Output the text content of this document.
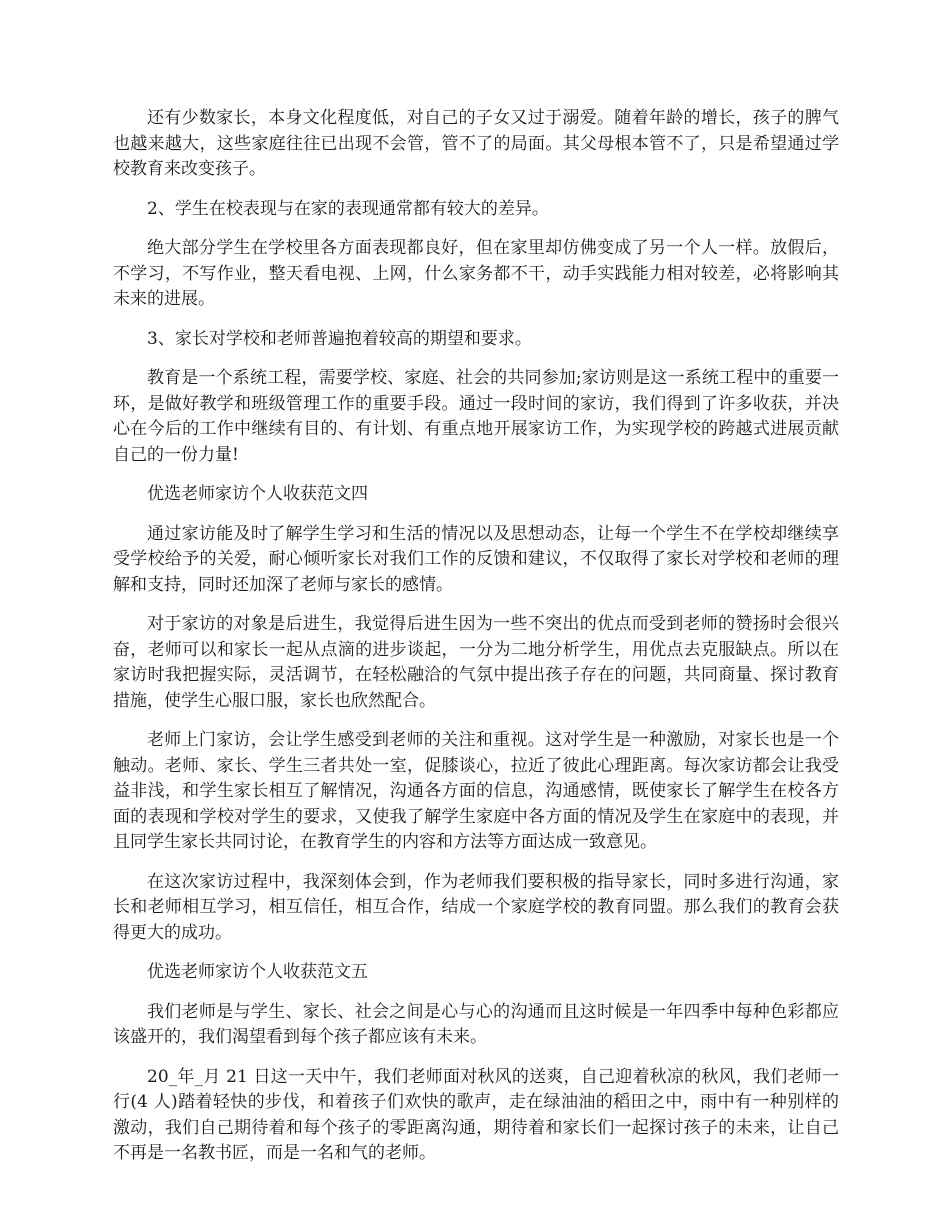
还有少数家长，本身文化程度低，对自己的子女又过于溺爱。随着年龄的增长，孩子的脾气也越来越大，这些家庭往往已出现不会管，管不了的局面。其父母根本管不了，只是希望通过学校教育来改变孩子。

2、学生在校表现与在家的表现通常都有较大的差异。

绝大部分学生在学校里各方面表现都良好，但在家里却仿佛变成了另一个人一样。放假后，不学习，不写作业，整天看电视、上网，什么家务都不干，动手实践能力相对较差，必将影响其未来的进展。

3、家长对学校和老师普遍抱着较高的期望和要求。

教育是一个系统工程，需要学校、家庭、社会的共同参加;家访则是这一系统工程中的重要一环，是做好教学和班级管理工作的重要手段。通过一段时间的家访，我们得到了许多收获，并决心在今后的工作中继续有目的、有计划、有重点地开展家访工作，为实现学校的跨越式进展贡献自己的一份力量!

优选老师家访个人收获范文四

通过家访能及时了解学生学习和生活的情况以及思想动态，让每一个学生不在学校却继续享受学校给予的关爱，耐心倾听家长对我们工作的反馈和建议，不仅取得了家长对学校和老师的理解和支持，同时还加深了老师与家长的感情。

对于家访的对象是后进生，我觉得后进生因为一些不突出的优点而受到老师的赞扬时会很兴奋，老师可以和家长一起从点滴的进步谈起，一分为二地分析学生，用优点去克服缺点。所以在家访时我把握实际，灵活调节，在轻松融洽的气氛中提出孩子存在的问题，共同商量、探讨教育措施，使学生心服口服，家长也欣然配合。

老师上门家访，会让学生感受到老师的关注和重视。这对学生是一种激励，对家长也是一个触动。老师、家长、学生三者共处一室，促膝谈心，拉近了彼此心理距离。每次家访都会让我受益非浅，和学生家长相互了解情况，沟通各方面的信息，沟通感情，既使家长了解学生在校各方面的表现和学校对学生的要求，又使我了解学生家庭中各方面的情况及学生在家庭中的表现，并且同学生家长共同讨论，在教育学生的内容和方法等方面达成一致意见。

在这次家访过程中，我深刻体会到，作为老师我们要积极的指导家长，同时多进行沟通，家长和老师相互学习，相互信任，相互合作，结成一个家庭学校的教育同盟。那么我们的教育会获得更大的成功。

优选老师家访个人收获范文五

我们老师是与学生、家长、社会之间是心与心的沟通而且这时候是一年四季中每种色彩都应该盛开的，我们渴望看到每个孩子都应该有未来。

20_年_月 21 日这一天中午，我们老师面对秋风的送爽，自己迎着秋凉的秋风，我们老师一行(4 人)踏着轻快的步伐，和着孩子们欢快的歌声，走在绿油油的稻田之中，雨中有一种别样的激动，我们自己期待着和每个孩子的零距离沟通，期待着和家长们一起探讨孩子的未来，让自己不再是一名教书匠，而是一名和气的老师。
